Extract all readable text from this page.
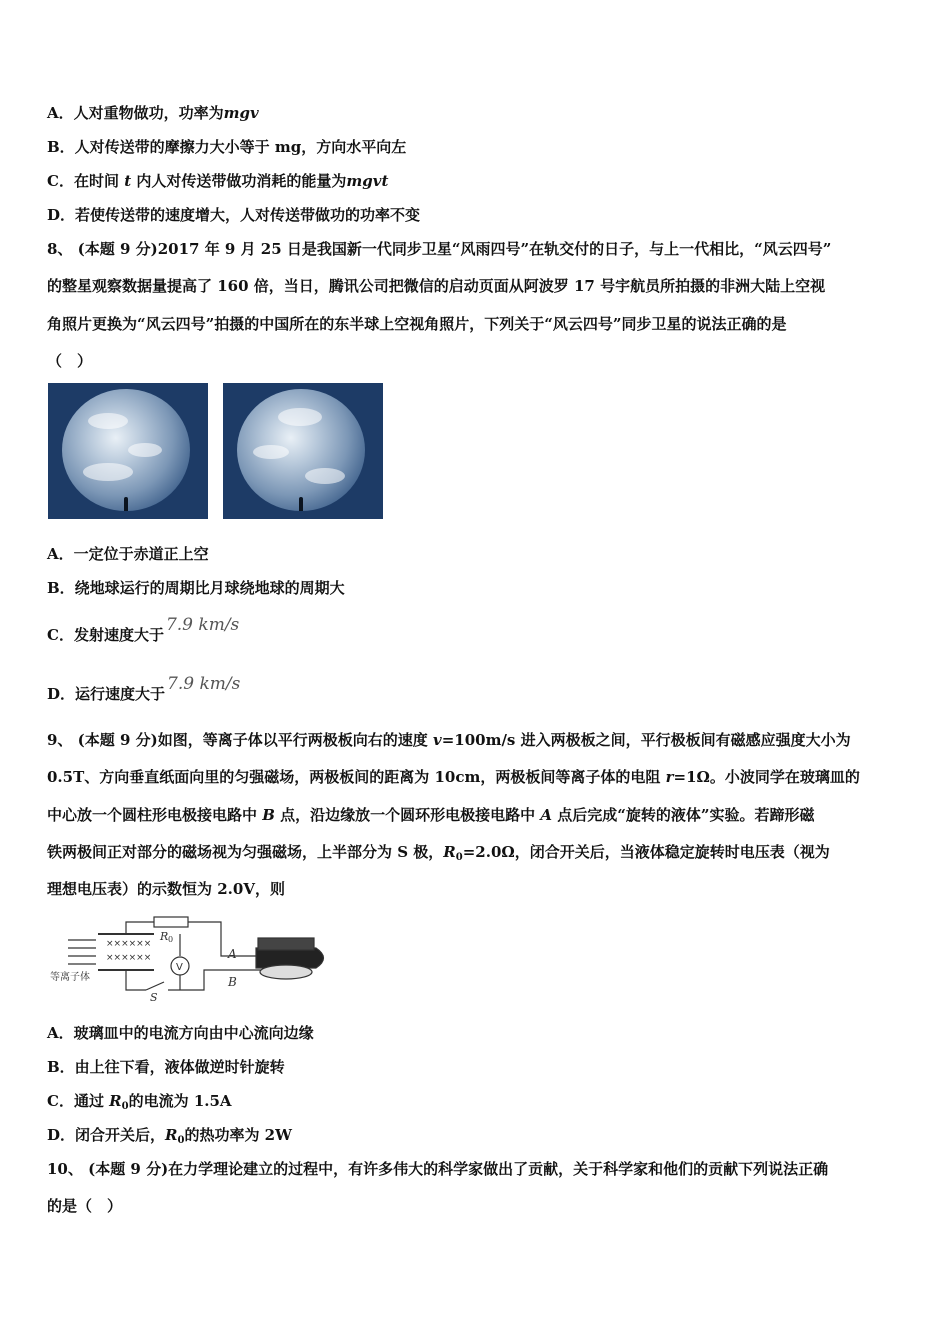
A．人对重物做功，功率为mgv
B．人对传送带的摩擦力大小等于 mg，方向水平向左
C．在时间 t 内人对传送带做功消耗的能量为mgvt
D．若使传送带的速度增大，人对传送带做功的功率不变
8、 (本题 9 分)2017 年 9 月 25 日是我国新一代同步卫星“风雨四号”在轨交付的日子，与上一代相比，“风云四号”
的整星观察数据量提高了 160 倍，当日，腾讯公司把微信的启动页面从阿波罗 17 号宇航员所拍摄的非洲大陆上空视
角照片更换为“风云四号”拍摄的中国所在的东半球上空视角照片，下列关于“风云四号”同步卫星的说法正确的是
（　）
A．一定位于赤道正上空
B．绕地球运行的周期比月球绕地球的周期大
C．发射速度大于 7.9 km/s
D．运行速度大于 7.9 km/s
9、 (本题 9 分)如图，等离子体以平行两极板向右的速度 v=100m/s 进入两极板之间，平行极板间有磁感应强度大小为
0.5T、方向垂直纸面向里的匀强磁场，两极板间的距离为 10cm，两极板间等离子体的电阻 r=1Ω。小波同学在玻璃皿的
中心放一个圆柱形电极接电路中 B 点，沿边缘放一个圆环形电极接电路中 A 点后完成“旋转的液体”实验。若蹄形磁
铁两极间正对部分的磁场视为匀强磁场，上半部分为 S 极，$R_0=2.0\Omega$，闭合开关后，当液体稳定旋转时电压表（视为
理想电压表）的示数恒为 2.0V，则
××××××
××××××
R 0
V
A
B
S
等离子体
A．玻璃皿中的电流方向由中心流向边缘
B．由上往下看，液体做逆时针旋转
C．通过 $R_0$的电流为 1.5A
D．闭合开关后，$R_0$的热功率为 2W
10、 (本题 9 分)在力学理论建立的过程中，有许多伟大的科学家做出了贡献，关于科学家和他们的贡献下列说法正确
的是（　）
